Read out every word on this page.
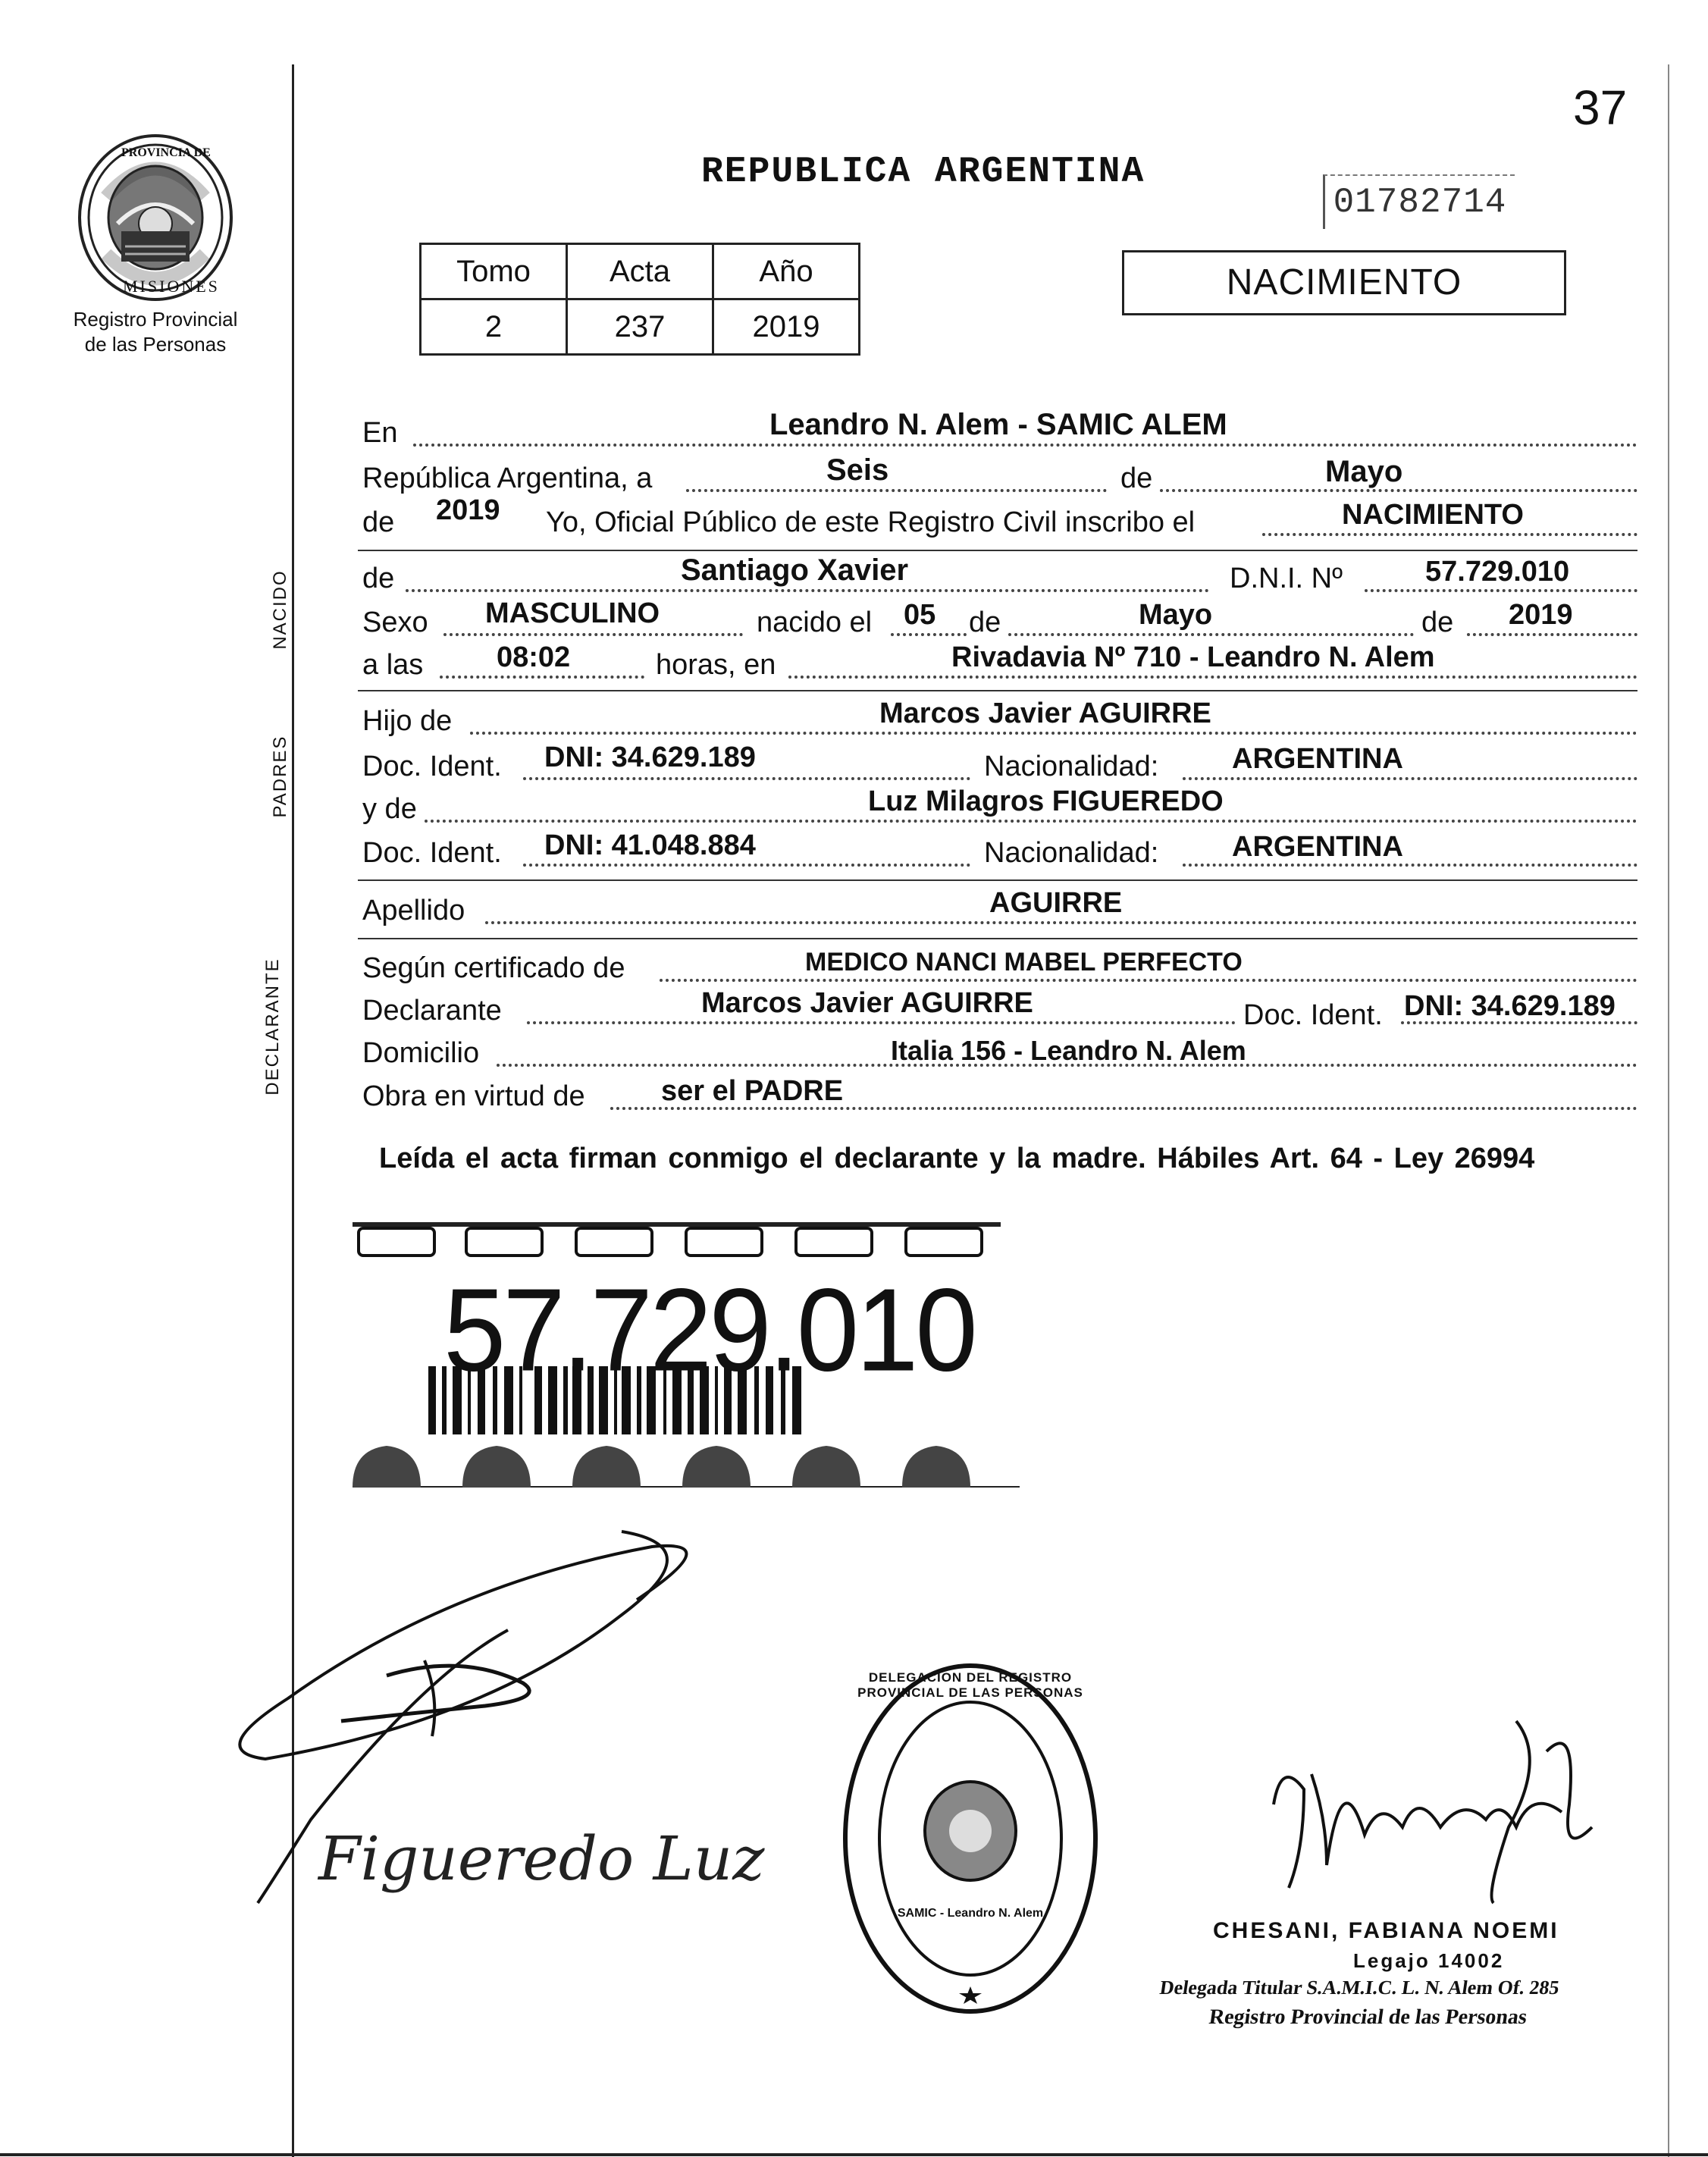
37
PROVINCIA DE
MISIONES
Registro Provincial
de las Personas
REPUBLICA ARGENTINA
01782714
Tomo	Acta	Año
2	237	2019
NACIMIENTO
NACIDO
PADRES
DECLARANTE
En	Leandro N. Alem - SAMIC ALEM
República Argentina, a	Seis	de	Mayo
de 2019 Yo, Oficial Público de este Registro Civil inscribo el	NACIMIENTO
de	Santiago Xavier	D.N.I. Nº	57.729.010
Sexo MASCULINO	nacido el 05 de	Mayo	de 2019
a las	08:02	horas, en	Rivadavia Nº 710 - Leandro N. Alem
Hijo de	Marcos Javier AGUIRRE
Doc. Ident. DNI: 34.629.189	Nacionalidad:	ARGENTINA
y de	Luz Milagros FIGUEREDO
Doc. Ident. DNI: 41.048.884	Nacionalidad:	ARGENTINA
Apellido	AGUIRRE
Según certificado de	MEDICO NANCI MABEL PERFECTO
Declarante	Marcos Javier AGUIRRE	Doc. Ident. DNI: 34.629.189
Domicilio	Italia 156 - Leandro N. Alem
Obra en virtud de	ser el PADRE
Leída el acta firman conmigo el declarante y la madre. Hábiles Art. 64 - Ley 26994
57.729.010
Figueredo Luz
DELEGACION DEL REGISTRO PROVINCIAL DE LAS PERSONAS
SAMIC - Leandro N. Alem
CHESANI, FABIANA NOEMI
Legajo 14002
Delegada Titular S.A.M.I.C. L. N. Alem Of. 285
Registro Provincial de las Personas
